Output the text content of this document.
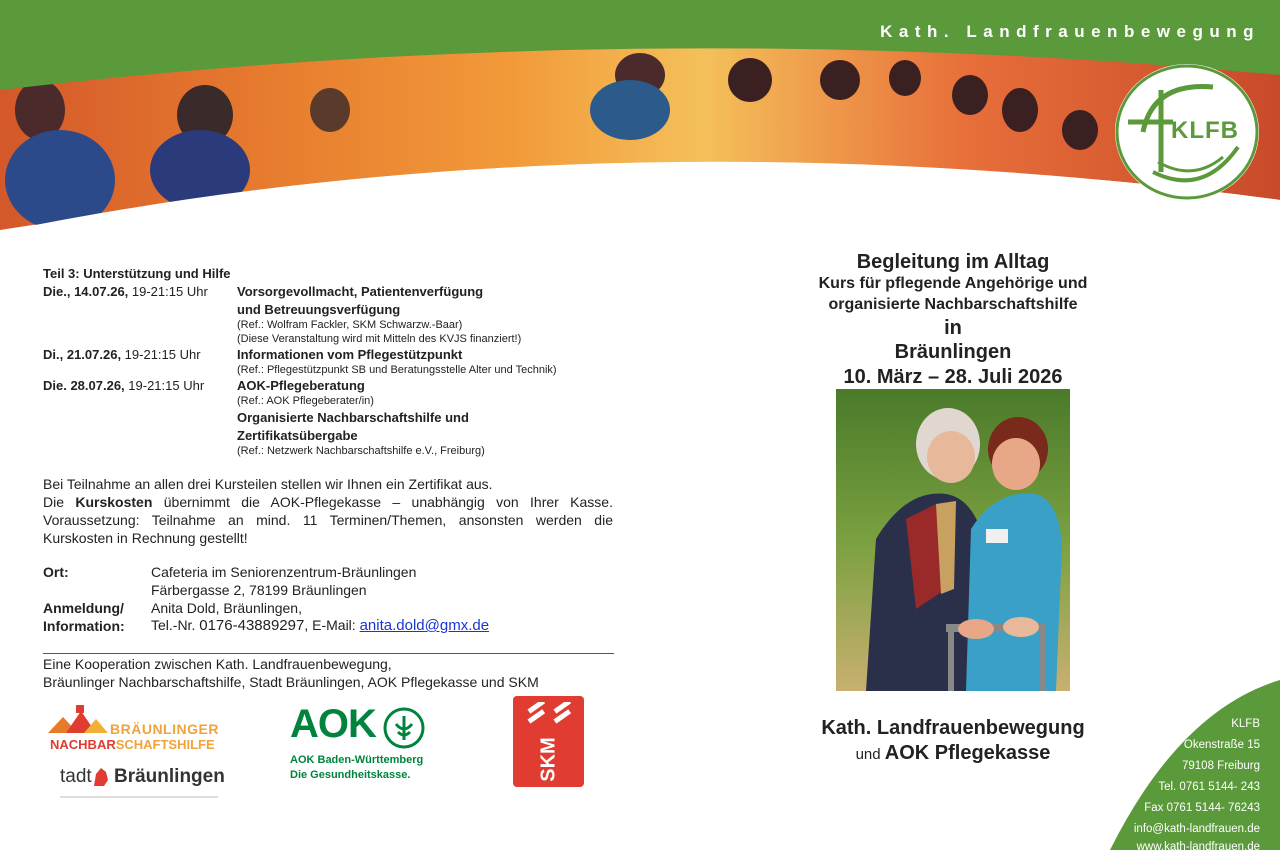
Kath. Landfrauenbewegung
KLFB
Teil 3: Unterstützung und Hilfe
Die., 14.07.26, 19-21:15 Uhr Vorsorgevollmacht, Patientenverfügung
und Betreuungsverfügung
(Ref.: Wolfram Fackler, SKM Schwarzw.-Baar)
(Diese Veranstaltung wird mit Mitteln des KVJS finanziert!)
Di., 21.07.26, 19-21:15 Uhr	Informationen vom Pflegestützpunkt
(Ref.: Pflegestützpunkt SB und Beratungsstelle Alter und Technik)
Die. 28.07.26, 19-21:15 Uhr	AOK-Pflegeberatung
(Ref.: AOK Pflegeberater/in)
Organisierte Nachbarschaftshilfe und
Zertifikatsübergabe
(Ref.: Netzwerk Nachbarschaftshilfe e.V., Freiburg)
Bei Teilnahme an allen drei Kursteilen stellen wir Ihnen ein Zertifikat aus.
Die Kurskosten übernimmt die AOK-Pflegekasse – unabhängig von Ihrer Kasse. Voraussetzung: Teilnahme an mind. 11 Terminen/Themen, ansonsten werden die Kurskosten in Rechnung gestellt!
Ort:	Cafeteria im Seniorenzentrum-Bräunlingen
Färbergasse 2, 78199 Bräunlingen
Anmeldung/ Anita Dold, Bräunlingen,
Information: Tel.-Nr. 0176-43889297, E-Mail: anita.dold@gmx.de
Eine Kooperation zwischen Kath. Landfrauenbewegung,
Bräunlinger Nachbarschaftshilfe, Stadt Bräunlingen, AOK Pflegekasse und SKM
BRÄUNLINGER
NACHBARSCHAFTSHILFE
tadt Bräunlingen
AOK
AOK Baden-Württemberg
Die Gesundheitskasse.	SKM
Begleitung im Alltag
Kurs für pflegende Angehörige und
organisierte Nachbarschaftshilfe
in
Bräunlingen
10. März – 28. Juli 2026
Kath. Landfrauenbewegung
und AOK Pflegekasse
KLFB
Okenstraße 15
79108 Freiburg
Tel. 0761 5144- 243
Fax 0761 5144- 76243
info@kath-landfrauen.de
www.kath-landfrauen.de
